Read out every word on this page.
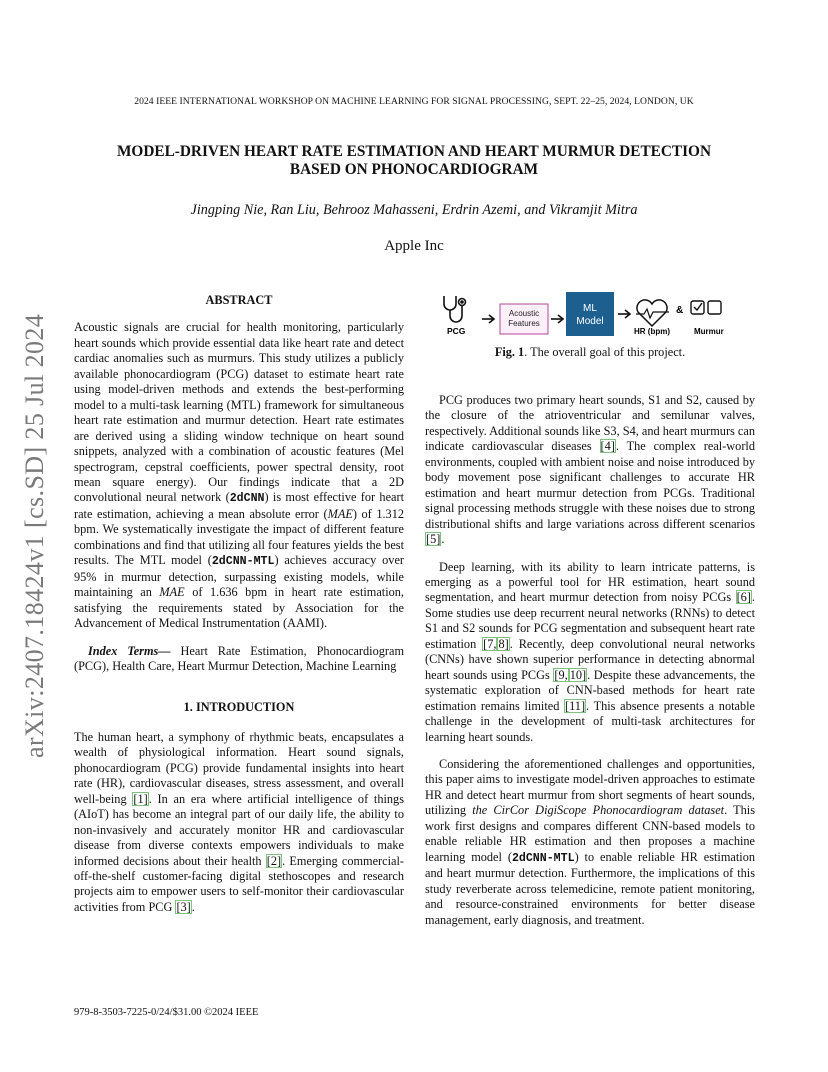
2024 IEEE INTERNATIONAL WORKSHOP ON MACHINE LEARNING FOR SIGNAL PROCESSING, SEPT. 22–25, 2024, LONDON, UK
MODEL-DRIVEN HEART RATE ESTIMATION AND HEART MURMUR DETECTION
BASED ON PHONOCARDIOGRAM
Jingping Nie, Ran Liu, Behrooz Mahasseni, Erdrin Azemi, and Vikramjit Mitra
Apple Inc
arXiv:2407.18424v1 [cs.SD] 25 Jul 2024
ABSTRACT

Acoustic signals are crucial for health monitoring, particularly heart sounds which provide essential data like heart rate and detect cardiac anomalies such as murmurs. This study utilizes a publicly available phonocardiogram (PCG) dataset to estimate heart rate using model-driven methods and extends the best-performing model to a multi-task learning (MTL) framework for simultaneous heart rate estimation and murmur detection. Heart rate estimates are derived using a sliding window technique on heart sound snippets, analyzed with a combination of acoustic features (Mel spectrogram, cepstral coefficients, power spectral density, root mean square energy). Our findings indicate that a 2D convolutional neural network (2dCNN) is most effective for heart rate estimation, achieving a mean absolute error (MAE) of 1.312 bpm. We systematically investigate the impact of different feature combinations and find that utilizing all four features yields the best results. The MTL model (2dCNN-MTL) achieves accuracy over 95% in murmur detection, surpassing existing models, while maintaining an MAE of 1.636 bpm in heart rate estimation, satisfying the requirements stated by Association for the Advancement of Medical Instrumentation (AAMI).

Index Terms— Heart Rate Estimation, Phonocardiogram (PCG), Health Care, Heart Murmur Detection, Machine Learning

1. INTRODUCTION

The human heart, a symphony of rhythmic beats, encapsulates a wealth of physiological information. Heart sound signals, phonocardiogram (PCG) provide fundamental insights into heart rate (HR), cardiovascular diseases, stress assessment, and overall well-being [1]. In an era where artificial intelligence of things (AIoT) has become an integral part of our daily life, the ability to non-invasively and accurately monitor HR and cardiovascular disease from diverse contexts empowers individuals to make informed decisions about their health [2]. Emerging commercial-off-the-shelf customer-facing digital stethoscopes and research projects aim to empower users to self-monitor their cardiovascular activities from PCG [3].

PCG
Acoustic
Features
ML
Model
HR (bpm)
&
Murmur
Fig. 1. The overall goal of this project.

PCG produces two primary heart sounds, S1 and S2, caused by the closure of the atrioventricular and semilunar valves, respectively. Additional sounds like S3, S4, and heart murmurs can indicate cardiovascular diseases [4]. The complex real-world environments, coupled with ambient noise and noise introduced by body movement pose significant challenges to accurate HR estimation and heart murmur detection from PCGs. Traditional signal processing methods struggle with these noises due to strong distributional shifts and large variations across different scenarios [5].

Deep learning, with its ability to learn intricate patterns, is emerging as a powerful tool for HR estimation, heart sound segmentation, and heart murmur detection from noisy PCGs [6]. Some studies use deep recurrent neural networks (RNNs) to detect S1 and S2 sounds for PCG segmentation and subsequent heart rate estimation [7, 8]. Recently, deep convolutional neural networks (CNNs) have shown superior performance in detecting abnormal heart sounds using PCGs [9, 10]. Despite these advancements, the systematic exploration of CNN-based methods for heart rate estimation remains limited [11]. This absence presents a notable challenge in the development of multi-task architectures for learning heart sounds.

Considering the aforementioned challenges and opportunities, this paper aims to investigate model-driven approaches to estimate HR and detect heart murmur from short segments of heart sounds, utilizing the CirCor DigiScope Phonocardiogram dataset. This work first designs and compares different CNN-based models to enable reliable HR estimation and then proposes a machine learning model (2dCNN-MTL) to enable reliable HR estimation and heart murmur detection. Furthermore, the implications of this study reverberate across telemedicine, remote patient monitoring, and resource-constrained environments for better disease management, early diagnosis, and treatment.

979-8-3503-7225-0/24/$31.00 ©2024 IEEE
